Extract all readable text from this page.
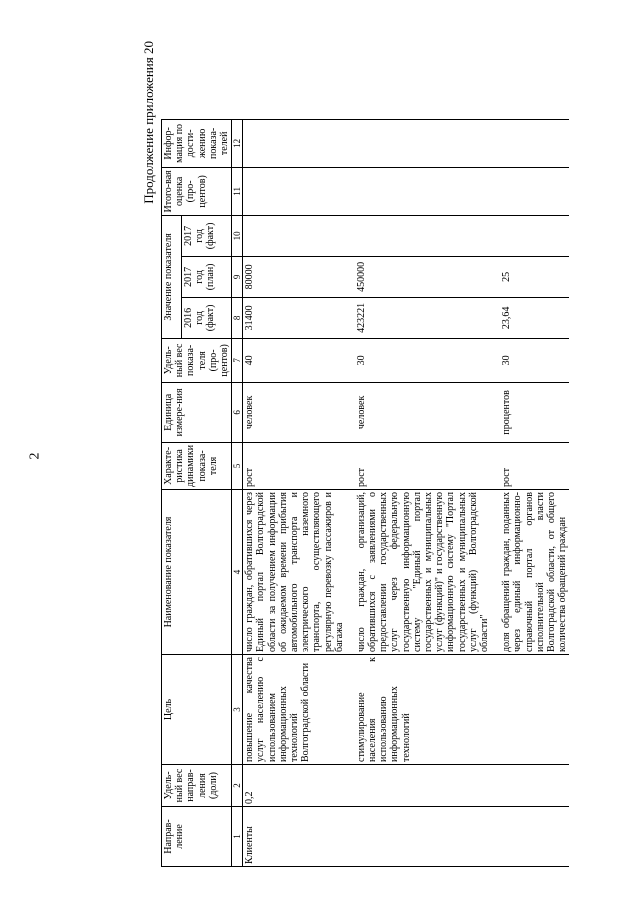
2
Продолжение приложения 20
Направ-ление	Удель-ный вес направ-ления (доли)	Цель	Наименование показателя	Характе-ристика динамики показа-теля	Единица измере-ния	Удель-ный вес показа-теля (про-центов)	Значение показателя			Итого-вая оценка (про-центов)	Инфор-мация по дости-жению показа-телей
							2016 год (факт)	2017 год (план)	2017 год (факт)		
1	2	3	4	5	6	7	8	9	10	11	12
Клиенты	0,2	повышение качества услуг населению с использованием информационных технологий Волгоградской области	число граждан, обратившихся через Единый портал Волгоградской области за получением информации об ожидаемом времени прибытия автомобильного транспорта и электрического наземного транспорта, осуществляющего регулярную перевозку пассажиров и багажа	рост	человек	40	31400	80000			
		стимулирование населения к использованию информационных технологий	число граждан, организаций, обратившихся с заявлениями о предоставлении государственных услуг через федеральную государственную информационную систему "Единый портал государственных и муниципальных услуг (функций)" и государственную информационную систему "Портал государственных и муниципальных услуг (функций) Волгоградской области"	рост	человек	30	423221	450000			
			доля обращений граждан, поданных через единый информационно-справочный портал органов исполнительной власти Волгоградской области, от общего количества обращений граждан	рост	процентов	30	23,64	25			
